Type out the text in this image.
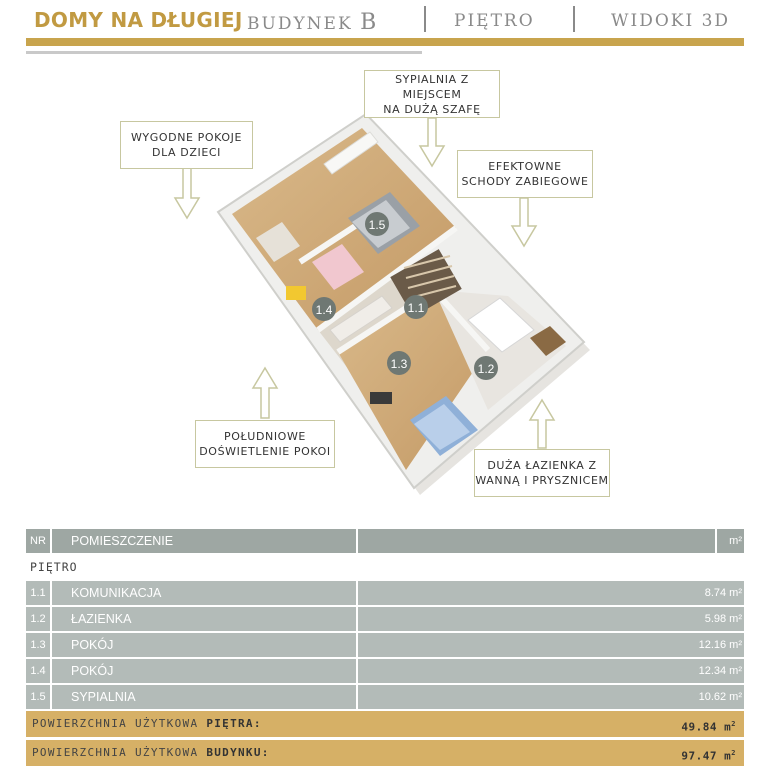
DOMY NA DŁUGIEJ BUDYNEK B	PIĘTRO	WIDOKI 3D
1.5
1.1
1.4
1.3	1.2
SYPIALNIA Z MIEJSCEM
NA DUŻĄ SZAFĘ
WYGODNE POKOJE
DLA DZIECI
EFEKTOWNE
SCHODY ZABIEGOWE
POŁUDNIOWE
DOŚWIETLENIE POKOI
DUŻA ŁAZIENKA Z
WANNĄ I PRYSZNICEM
NR	POMIESZCZENIE	m²
PIĘTRO
1.1	KOMUNIKACJA	8.74 m²
1.2	ŁAZIENKA	5.98 m²
1.3	POKÓJ	12.16 m²
1.4	POKÓJ	12.34 m²
1.5	SYPIALNIA	10.62 m²
POWIERZCHNIA UŻYTKOWA PIĘTRA:	49.84 $m^2$
POWIERZCHNIA UŻYTKOWA BUDYNKU:	97.47 $m^2$
